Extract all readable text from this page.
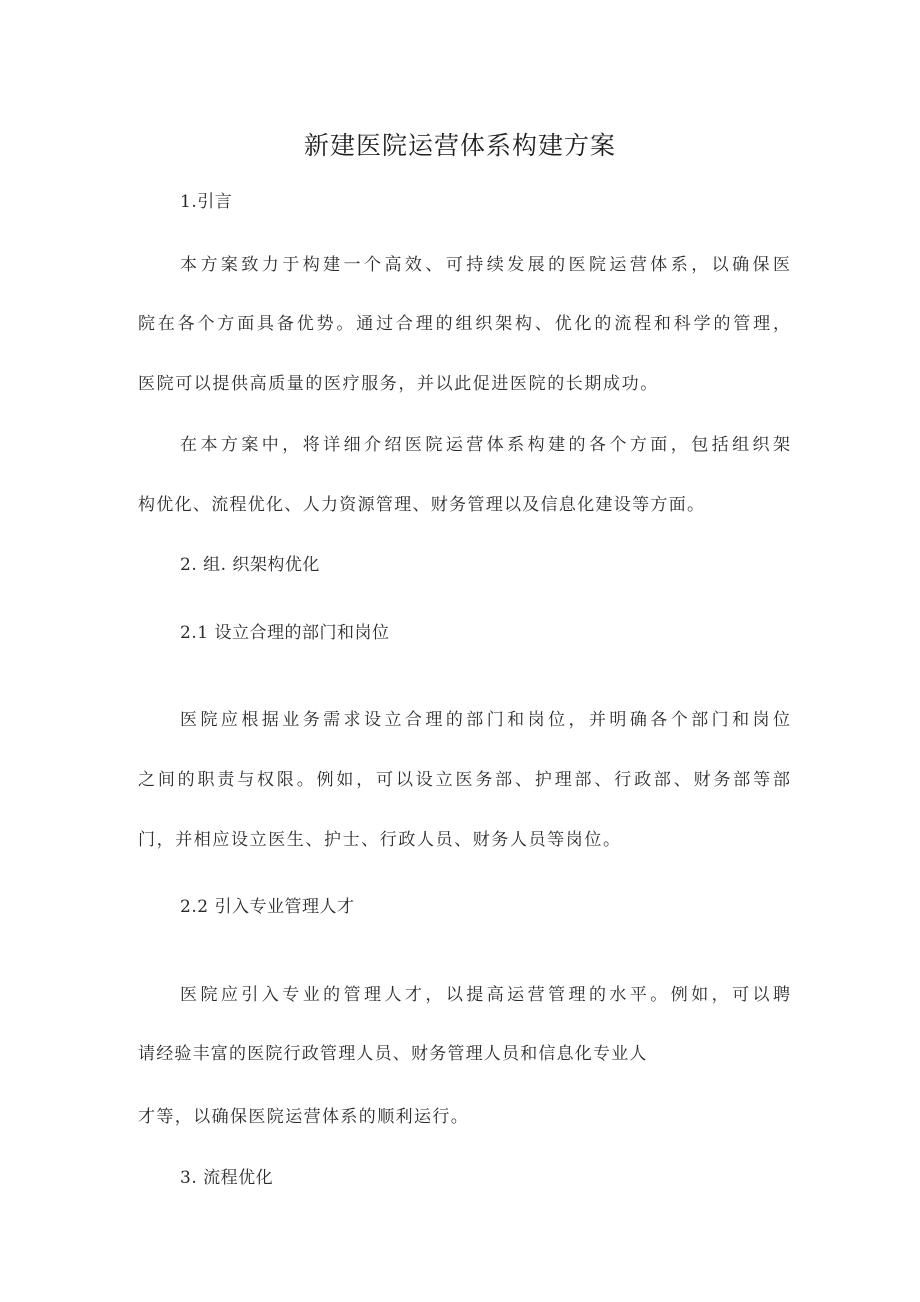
新建医院运营体系构建方案
1.引言
本方案致力于构建一个高效、可持续发展的医院运营体系，以确保医
院在各个方面具备优势。通过合理的组织架构、优化的流程和科学的管理，
医院可以提供高质量的医疗服务，并以此促进医院的长期成功。
在本方案中，将详细介绍医院运营体系构建的各个方面，包括组织架
构优化、流程优化、人力资源管理、财务管理以及信息化建设等方面。
2. 组. 织架构优化
2.1 设立合理的部门和岗位
医院应根据业务需求设立合理的部门和岗位，并明确各个部门和岗位
之间的职责与权限。例如，可以设立医务部、护理部、行政部、财务部等部
门，并相应设立医生、护士、行政人员、财务人员等岗位。
2.2 引入专业管理人才
医院应引入专业的管理人才，以提高运营管理的水平。例如，可以聘
请经验丰富的医院行政管理人员、财务管理人员和信息化专业人
才等，以确保医院运营体系的顺利运行。
3. 流程优化
